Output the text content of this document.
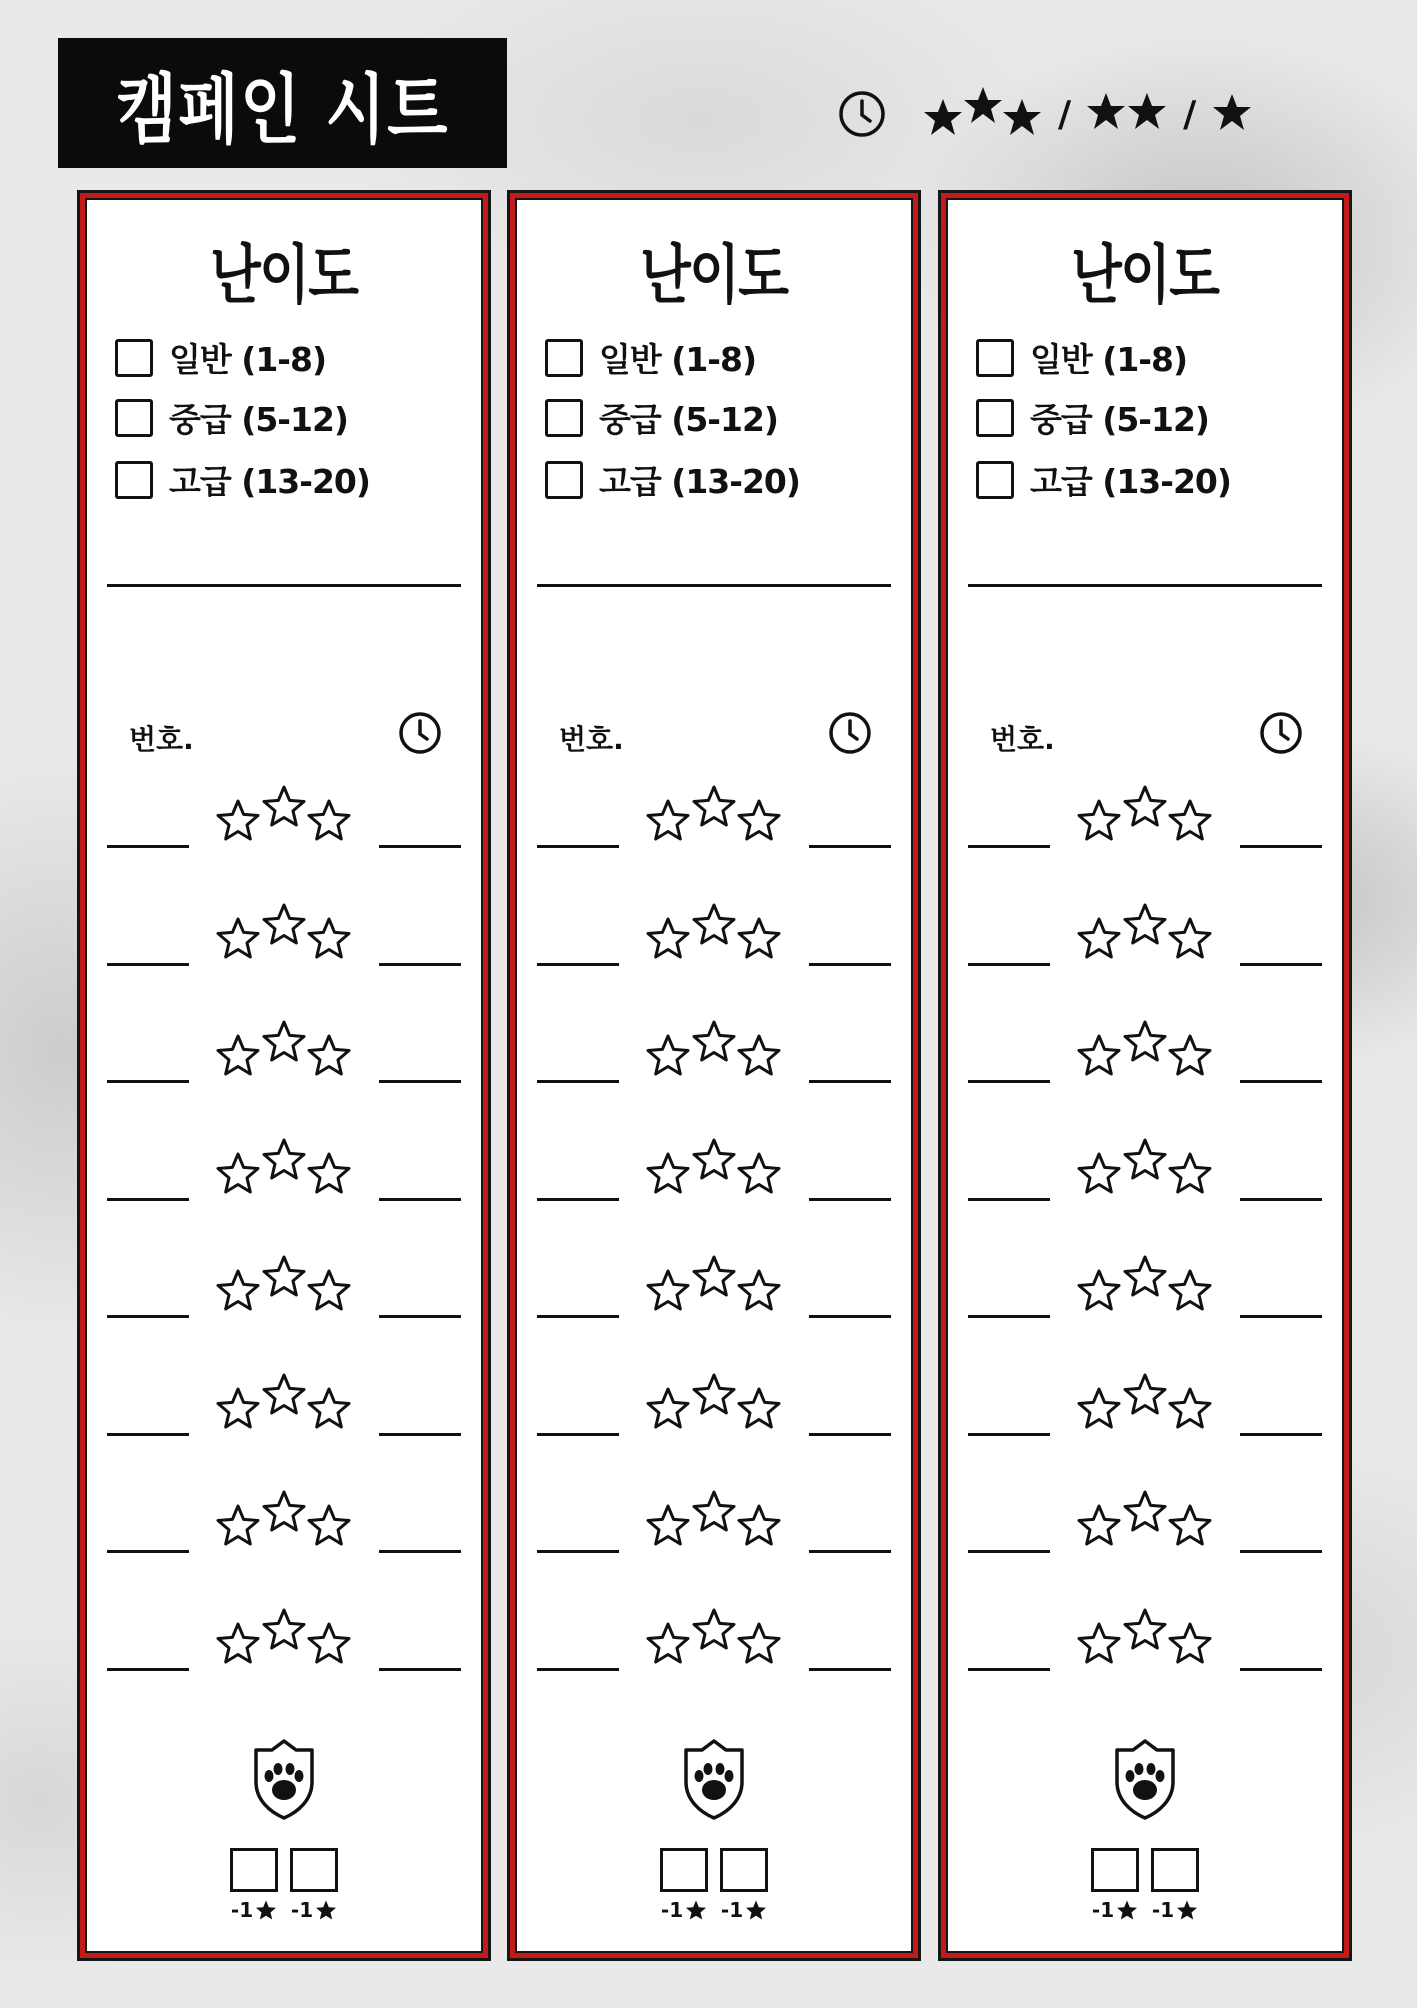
캠페인 시트	/	/
난이도
일반 (1-8)
중급 (5-12)
고급 (13-20)
번호.
-1 -1
난이도
일반 (1-8)
중급 (5-12)
고급 (13-20)
번호.
-1 -1
난이도
일반 (1-8)
중급 (5-12)
고급 (13-20)
번호.
-1 -1
